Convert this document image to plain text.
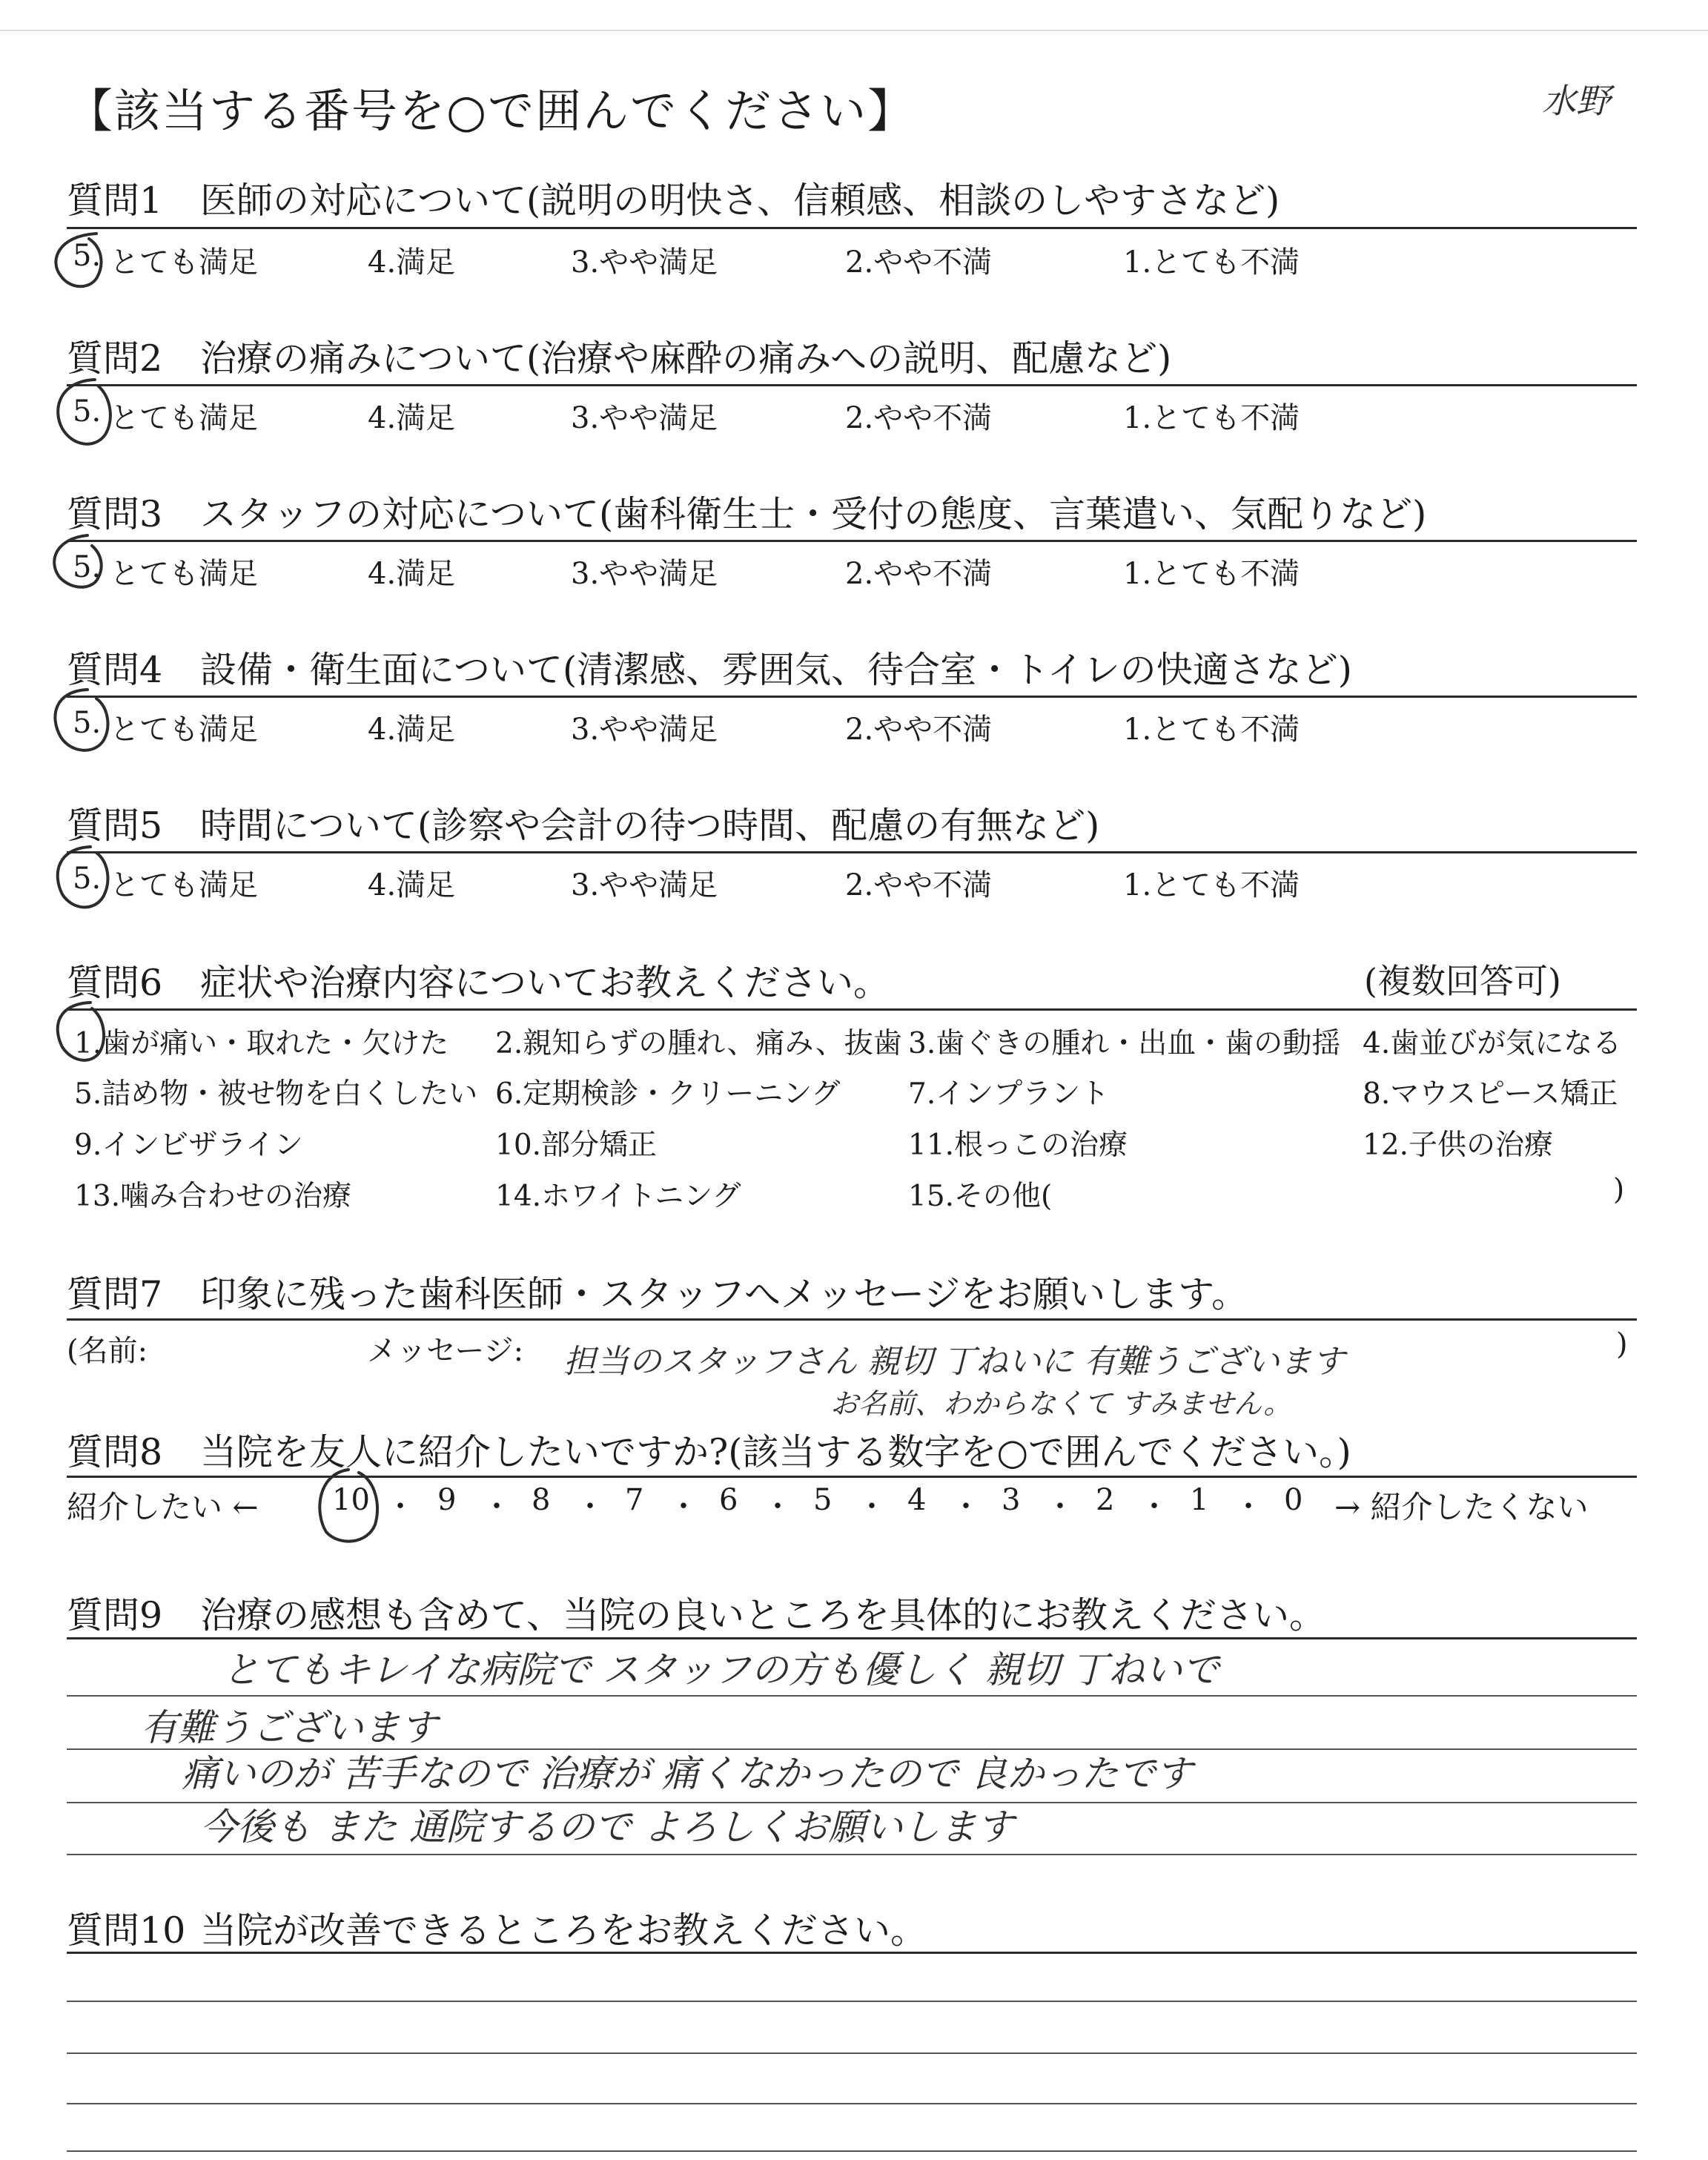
【該当する番号を○で囲んでください】	水野
質問1 医師の対応について(説明の明快さ、信頼感、相談のしやすさなど)
5. とても満足	4.満足	3.やや満足	2.やや不満	1.とても不満
質問2 治療の痛みについて(治療や麻酔の痛みへの説明、配慮など)
5. とても満足	4.満足	3.やや満足	2.やや不満	1.とても不満
質問3 スタッフの対応について(歯科衛生士・受付の態度、言葉遣い、気配りなど)
5. とても満足	4.満足	3.やや満足	2.やや不満	1.とても不満
質問4 設備・衛生面について(清潔感、雰囲気、待合室・トイレの快適さなど)
5. とても満足	4.満足	3.やや満足	2.やや不満	1.とても不満
質問5 時間について(診察や会計の待つ時間、配慮の有無など)
5. とても満足	4.満足	3.やや満足	2.やや不満	1.とても不満
質問6 症状や治療内容についてお教えください。	(複数回答可)
1.歯が痛い・取れた・欠けた 2.親知らずの腫れ、痛み、抜歯 3.歯ぐきの腫れ・出血・歯の動揺 4.歯並びが気になる
5.詰め物・被せ物を白くしたい 6.定期検診・クリーニング 7.インプラント	8.マウスピース矯正
9.インビザライン	10.部分矯正	11.根っこの治療	12.子供の治療
13.噛み合わせの治療	14.ホワイトニング	15.その他(	)
質問7 印象に残った歯科医師・スタッフへメッセージをお願いします。
(名前:	メッセージ:	)
担当のスタッフさん 親切 丁ねいに 有難うございます
お名前、わからなくて すみません。
質問8 当院を友人に紹介したいですか?(該当する数字を○で囲んでください。)
紹介したい ← 10 ・ 9 ・ 8 ・ 7 ・ 6 ・ 5 ・ 4 ・ 3 ・ 2 ・ 1 ・ 0 → 紹介したくない
質問9 治療の感想も含めて、当院の良いところを具体的にお教えください。
とてもキレイな病院で スタッフの方も優しく 親切 丁ねいで
有難うございます
痛いのが 苦手なので 治療が 痛くなかったので 良かったです
今後も また 通院するので よろしくお願いします
質問10 当院が改善できるところをお教えください。
